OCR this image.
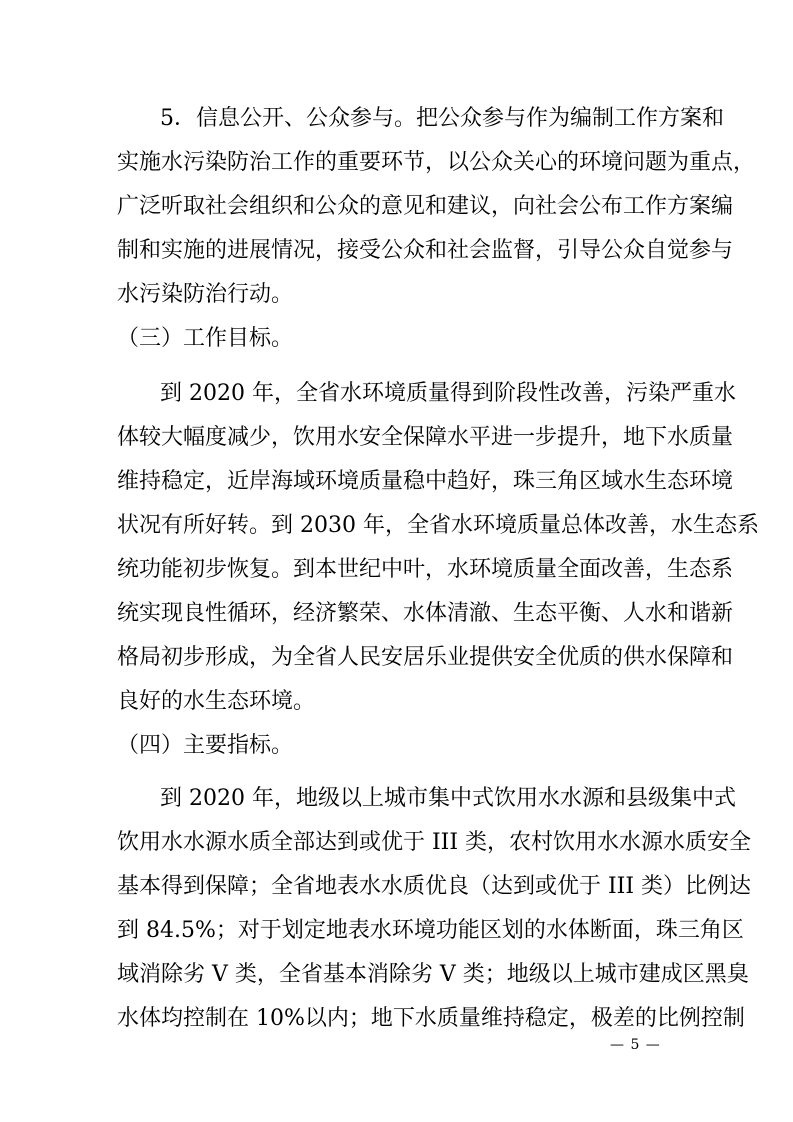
5．信息公开、公众参与。把公众参与作为编制工作方案和
实施水污染防治工作的重要环节，以公众关心的环境问题为重点，
广泛听取社会组织和公众的意见和建议，向社会公布工作方案编
制和实施的进展情况，接受公众和社会监督，引导公众自觉参与
水污染防治行动。
（三）工作目标。
到 2020 年，全省水环境质量得到阶段性改善，污染严重水
体较大幅度减少，饮用水安全保障水平进一步提升，地下水质量
维持稳定，近岸海域环境质量稳中趋好，珠三角区域水生态环境
状况有所好转。到 2030 年，全省水环境质量总体改善，水生态系
统功能初步恢复。到本世纪中叶，水环境质量全面改善，生态系
统实现良性循环，经济繁荣、水体清澈、生态平衡、人水和谐新
格局初步形成，为全省人民安居乐业提供安全优质的供水保障和
良好的水生态环境。
（四）主要指标。
到 2020 年，地级以上城市集中式饮用水水源和县级集中式
饮用水水源水质全部达到或优于 III 类，农村饮用水水源水质安全
基本得到保障；全省地表水水质优良（达到或优于 III 类）比例达
到 84.5%；对于划定地表水环境功能区划的水体断面，珠三角区
域消除劣 V 类，全省基本消除劣 V 类；地级以上城市建成区黑臭
水体均控制在 10%以内；地下水质量维持稳定，极差的比例控制
— 5 —
